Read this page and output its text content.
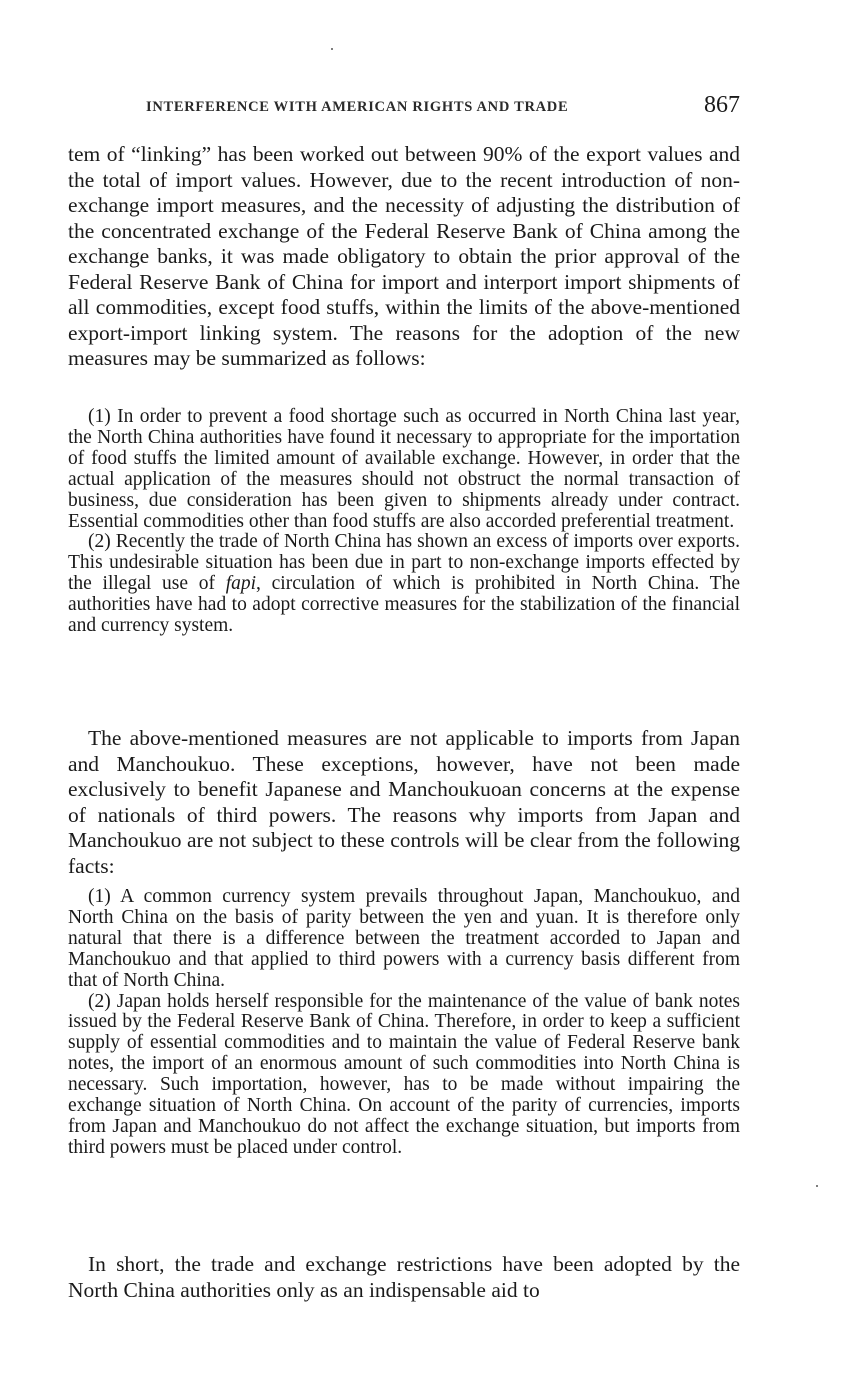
INTERFERENCE WITH AMERICAN RIGHTS AND TRADE	867

tem of “linking” has been worked out between 90% of the export values and the total of import values. However, due to the recent introduction of non-exchange import measures, and the necessity of adjusting the distribution of the concentrated exchange of the Federal Reserve Bank of China among the exchange banks, it was made obligatory to obtain the prior approval of the Federal Reserve Bank of China for import and interport import shipments of all commodities, except food stuffs, within the limits of the above-mentioned export-import linking system. The reasons for the adoption of the new measures may be summarized as follows:

(1) In order to prevent a food shortage such as occurred in North China last year, the North China authorities have found it necessary to appropriate for the importation of food stuffs the limited amount of available exchange. However, in order that the actual application of the measures should not obstruct the normal transaction of business, due consideration has been given to shipments already under contract. Essential commodities other than food stuffs are also accorded preferential treatment.

(2) Recently the trade of North China has shown an excess of imports over exports. This undesirable situation has been due in part to non-exchange imports effected by the illegal use of fapi, circulation of which is prohibited in North China. The authorities have had to adopt corrective measures for the stabilization of the financial and currency system.

The above-mentioned measures are not applicable to imports from Japan and Manchoukuo. These exceptions, however, have not been made exclusively to benefit Japanese and Manchoukuoan concerns at the expense of nationals of third powers. The reasons why imports from Japan and Manchoukuo are not subject to these controls will be clear from the following facts:

(1) A common currency system prevails throughout Japan, Manchoukuo, and North China on the basis of parity between the yen and yuan. It is therefore only natural that there is a difference between the treatment accorded to Japan and Manchoukuo and that applied to third powers with a currency basis different from that of North China.

(2) Japan holds herself responsible for the maintenance of the value of bank notes issued by the Federal Reserve Bank of China. Therefore, in order to keep a sufficient supply of essential commodities and to maintain the value of Federal Reserve bank notes, the import of an enormous amount of such commodities into North China is necessary. Such importation, however, has to be made without impairing the exchange situation of North China. On account of the parity of currencies, imports from Japan and Manchoukuo do not affect the exchange situation, but imports from third powers must be placed under control.

In short, the trade and exchange restrictions have been adopted by the North China authorities only as an indispensable aid to
